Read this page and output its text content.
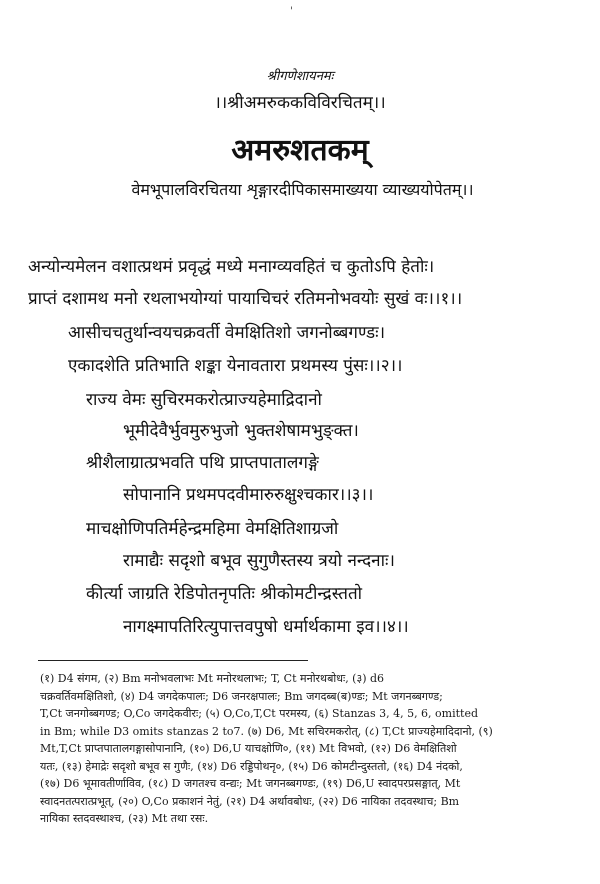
'
श्रीगणेशायनमः
।।श्रीअमरुककविविरचितम्।।
अमरुशतकम्
वेमभूपालविरचितया शृङ्गारदीपिकासमाख्यया व्याख्ययोपेतम्।।
अन्योन्यमेलन वशात्प्रथमं प्रवृद्धं मध्ये मनाग्व्यवहितं च कुतोऽपि हेतोः।
प्राप्तं दशामथ मनो रथलाभयोग्यां पायाचिचरं रतिमनोभवयोः सुखं वः।।१।।
आसीचचतुर्थान्वयचक्रवर्ती वेमक्षितिशो जगनोब्बगण्डः।
एकादशेति प्रतिभाति शङ्का येनावतारा प्रथमस्य पुंसः।।२।।
राज्य वेमः सुचिरमकरोत्प्राज्यहेमाद्रिदानो
भूमीदेवैर्भुवमुरुभुजो भुक्तशेषामभुङ्क्त।
श्रीशैलाग्रात्प्रभवति पथि प्राप्तपातालगङ्गे
सोपानानि प्रथमपदवीमारुरुक्षुश्चकार।।३।।
माचक्षोणिपतिर्महेन्द्रमहिमा वेमक्षितिशाग्रजो
रामाद्यैः सदृशो बभूव सुगुणैस्तस्य त्रयो नन्दनाः।
कीर्त्या जाग्रति रेडिपोतनृपतिः श्रीकोमटीन्द्रस्ततो
नागक्ष्मापतिरित्युपात्तवपुषो धर्मार्थकामा इव।।४।।
(१) D4 संगम, (२) Bm मनोभवलाभः Mt मनोरथलाभः; T, Ct मनोरथबोधः, (३) d6
चक्रवर्तिवमक्षितिशो, (४) D4 जगदेकपालः; D6 जनरक्षपालः; Bm जगदब्ब(ब)ण्डः; Mt जगनब्बगण्ड;
T,Ct जनगोब्बगण्ड; O,Co जगदेकवीरः; (५) O,Co,T,Ct परमस्य, (६) Stanzas 3, 4, 5, 6, omitted
in Bm; while D3 omits stanzas 2 to7. (७) D6, Mt सचिरमकरोत्, (८) T,Ct प्राज्यहेमादिदानो, (९)
Mt,T,Ct प्राप्तपातालगङ्गासोपानानि, (१०) D6,U याचक्षोणि०, (११) Mt विभवो, (१२) D6 वेमक्षितिशो
यतः, (१३) हेमाद्रेः सदृशो बभूव स गुणैः, (१४) D6 रड्डिपोथनृ०, (१५) D6 कोमटीन्दुस्ततो, (१६) D4 नंदको,
(१७) D6 भूमावतीर्णाविव, (१८) D जगतश्च वन्द्यः; Mt जगनब्बगण्डः, (१९) D6,U स्वादपरप्रसङ्गात्, Mt
स्वादनतत्परात्प्रभूत्, (२०) O,Co प्रकाशनं नेतुं, (२१) D4 अर्थावबोधः, (२२) D6 नायिका तदवस्थाच; Bm
नायिका स्तदवस्थाश्च, (२३) Mt तथा रसः.
